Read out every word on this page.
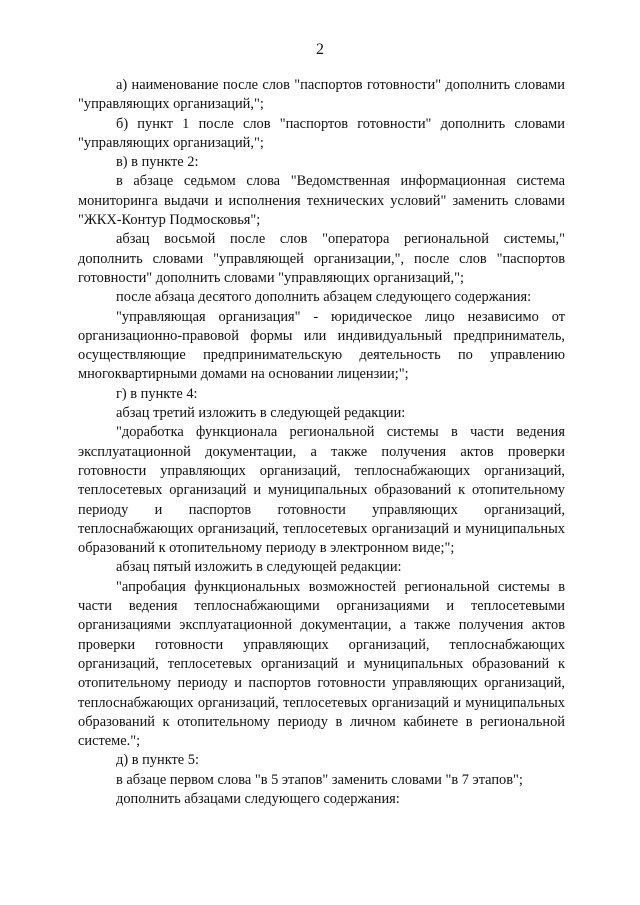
2

а) наименование после слов "паспортов готовности" дополнить словами "управляющих организаций,";

б) пункт 1 после слов "паспортов готовности" дополнить словами "управляющих организаций,";

в) в пункте 2:

в абзаце седьмом слова "Ведомственная информационная система мониторинга выдачи и исполнения технических условий" заменить словами "ЖКХ-Контур Подмосковья";

абзац восьмой после слов "оператора региональной системы," дополнить словами "управляющей организации,", после слов "паспортов готовности" дополнить словами "управляющих организаций,";

после абзаца десятого дополнить абзацем следующего содержания:

"управляющая организация" - юридическое лицо независимо от организационно-правовой формы или индивидуальный предприниматель, осуществляющие предпринимательскую деятельность по управлению многоквартирными домами на основании лицензии;";

г) в пункте 4:

абзац третий изложить в следующей редакции:

"доработка функционала региональной системы в части ведения эксплуатационной документации, а также получения актов проверки готовности управляющих организаций, теплоснабжающих организаций, теплосетевых организаций и муниципальных образований к отопительному периоду и паспортов готовности управляющих организаций, теплоснабжающих организаций, теплосетевых организаций и муниципальных образований к отопительному периоду в электронном виде;";

абзац пятый изложить в следующей редакции:

"апробация функциональных возможностей региональной системы в части ведения теплоснабжающими организациями и теплосетевыми организациями эксплуатационной документации, а также получения актов проверки готовности управляющих организаций, теплоснабжающих организаций, теплосетевых организаций и муниципальных образований к отопительному периоду и паспортов готовности управляющих организаций, теплоснабжающих организаций, теплосетевых организаций и муниципальных образований к отопительному периоду в личном кабинете в региональной системе.";

д) в пункте 5:

в абзаце первом слова "в 5 этапов" заменить словами "в 7 этапов";

дополнить абзацами следующего содержания:
